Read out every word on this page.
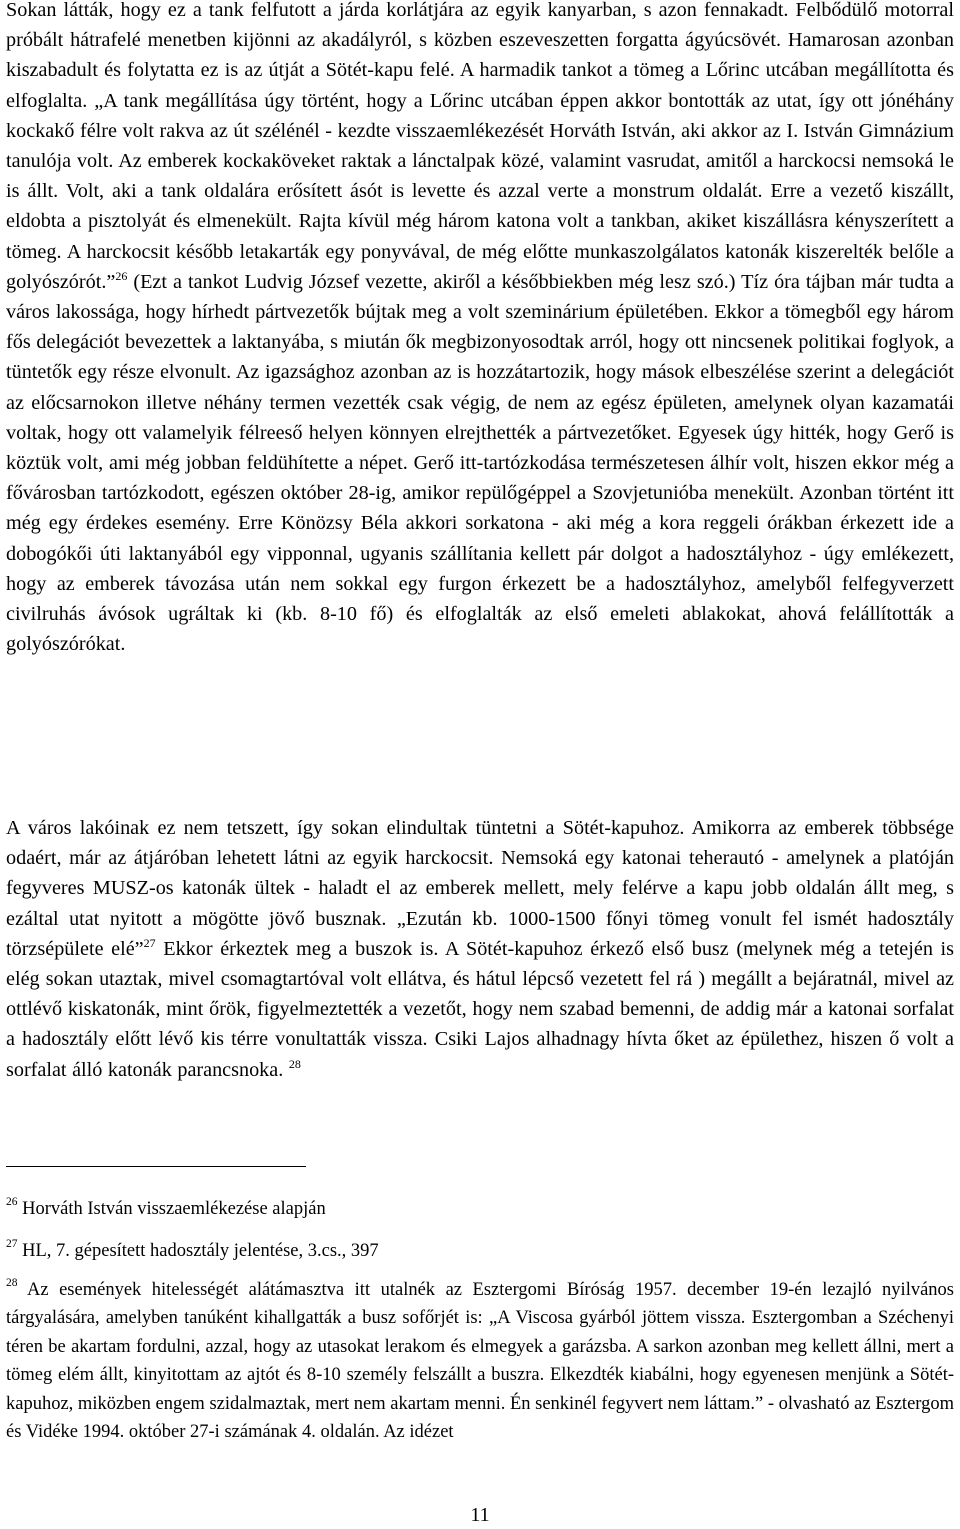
Sokan látták, hogy ez a tank felfutott a járda korlátjára az egyik kanyarban, s azon fennakadt. Felbődülő motorral próbált hátrafelé menetben kijönni az akadályról, s közben eszeveszetten forgatta ágyúcsövét. Hamarosan azonban kiszabadult és folytatta ez is az útját a Sötét-kapu felé. A harmadik tankot a tömeg a Lőrinc utcában megállította és elfoglalta. „A tank megállítása úgy történt, hogy a Lőrinc utcában éppen akkor bontották az utat, így ott jónéhány kockakő félre volt rakva az út szélénél - kezdte visszaemlékezését Horváth István, aki akkor az I. István Gimnázium tanulója volt. Az emberek kockaköveket raktak a lánctalpak közé, valamint vasrudat, amitől a harckocsi nemsoká le is állt. Volt, aki a tank oldalára erősített ásót is levette és azzal verte a monstrum oldalát. Erre a vezető kiszállt, eldobta a pisztolyát és elmenekült. Rajta kívül még három katona volt a tankban, akiket kiszállásra kényszerített a tömeg. A harckocsit később letakarták egy ponyvával, de még előtte munkaszolgálatos katonák kiszerelték belőle a golyószórót.”$^{26}$ (Ezt a tankot Ludvig József vezette, akiről a későbbiekben még lesz szó.) Tíz óra tájban már tudta a város lakossága, hogy hírhedt pártvezetők bújtak meg a volt szeminárium épületében. Ekkor a tömegből egy három fős delegációt bevezettek a laktanyába, s miután ők megbizonyosodtak arról, hogy ott nincsenek politikai foglyok, a tüntetők egy része elvonult. Az igazsághoz azonban az is hozzátartozik, hogy mások elbeszélése szerint a delegációt az előcsarnokon illetve néhány termen vezették csak végig, de nem az egész épületen, amelynek olyan kazamatái voltak, hogy ott valamelyik félreeső helyen könnyen elrejthették a pártvezetőket. Egyesek úgy hitték, hogy Gerő is köztük volt, ami még jobban feldühítette a népet. Gerő itt-tartózkodása természetesen álhír volt, hiszen ekkor még a fővárosban tartózkodott, egészen október 28-ig, amikor repülőgéppel a Szovjetunióba menekült. Azonban történt itt még egy érdekes esemény. Erre Könözsy Béla akkori sorkatona - aki még a kora reggeli órákban érkezett ide a dobogókői úti laktanyából egy vipponnal, ugyanis szállítania kellett pár dolgot a hadosztályhoz - úgy emlékezett, hogy az emberek távozása után nem sokkal egy furgon érkezett be a hadosztályhoz, amelyből felfegyverzett civilruhás ávósok ugráltak ki (kb. 8-10 fő) és elfoglalták az első emeleti ablakokat, ahová felállították a golyószórókat.

A város lakóinak ez nem tetszett, így sokan elindultak tüntetni a Sötét-kapuhoz. Amikorra az emberek többsége odaért, már az átjáróban lehetett látni az egyik harckocsit. Nemsoká egy katonai teherautó - amelynek a platóján fegyveres MUSZ-os katonák ültek - haladt el az emberek mellett, mely felérve a kapu jobb oldalán állt meg, s ezáltal utat nyitott a mögötte jövő busznak. „Ezután kb. 1000-1500 főnyi tömeg vonult fel ismét hadosztály törzsépülete elé”$^{27}$ Ekkor érkeztek meg a buszok is. A Sötét-kapuhoz érkező első busz (melynek még a tetején is elég sokan utaztak, mivel csomagtartóval volt ellátva, és hátul lépcső vezetett fel rá ) megállt a bejáratnál, mivel az ottlévő kiskatonák, mint őrök, figyelmeztették a vezetőt, hogy nem szabad bemenni, de addig már a katonai sorfalat a hadosztály előtt lévő kis térre vonultatták vissza. Csiki Lajos alhadnagy hívta őket az épülethez, hiszen ő volt a sorfalat álló katonák parancsnoka. $^{28}$

$^{26}$ Horváth István visszaemlékezése alapján

$^{27}$ HL, 7. gépesített hadosztály jelentése, 3.cs., 397

$^{28}$ Az események hitelességét alátámasztva itt utalnék az Esztergomi Bíróság 1957. december 19-én lezajló nyilvános tárgyalására, amelyben tanúként kihallgatták a busz sofőrjét is: „A Viscosa gyárból jöttem vissza. Esztergomban a Széchenyi téren be akartam fordulni, azzal, hogy az utasokat lerakom és elmegyek a garázsba. A sarkon azonban meg kellett állni, mert a tömeg elém állt, kinyitottam az ajtót és 8-10 személy felszállt a buszra. Elkezdték kiabálni, hogy egyenesen menjünk a Sötét-kapuhoz, miközben engem szidalmaztak, mert nem akartam menni. Én senkinél fegyvert nem láttam.” - olvasható az Esztergom és Vidéke 1994. október 27-i számának 4. oldalán. Az idézet

11
